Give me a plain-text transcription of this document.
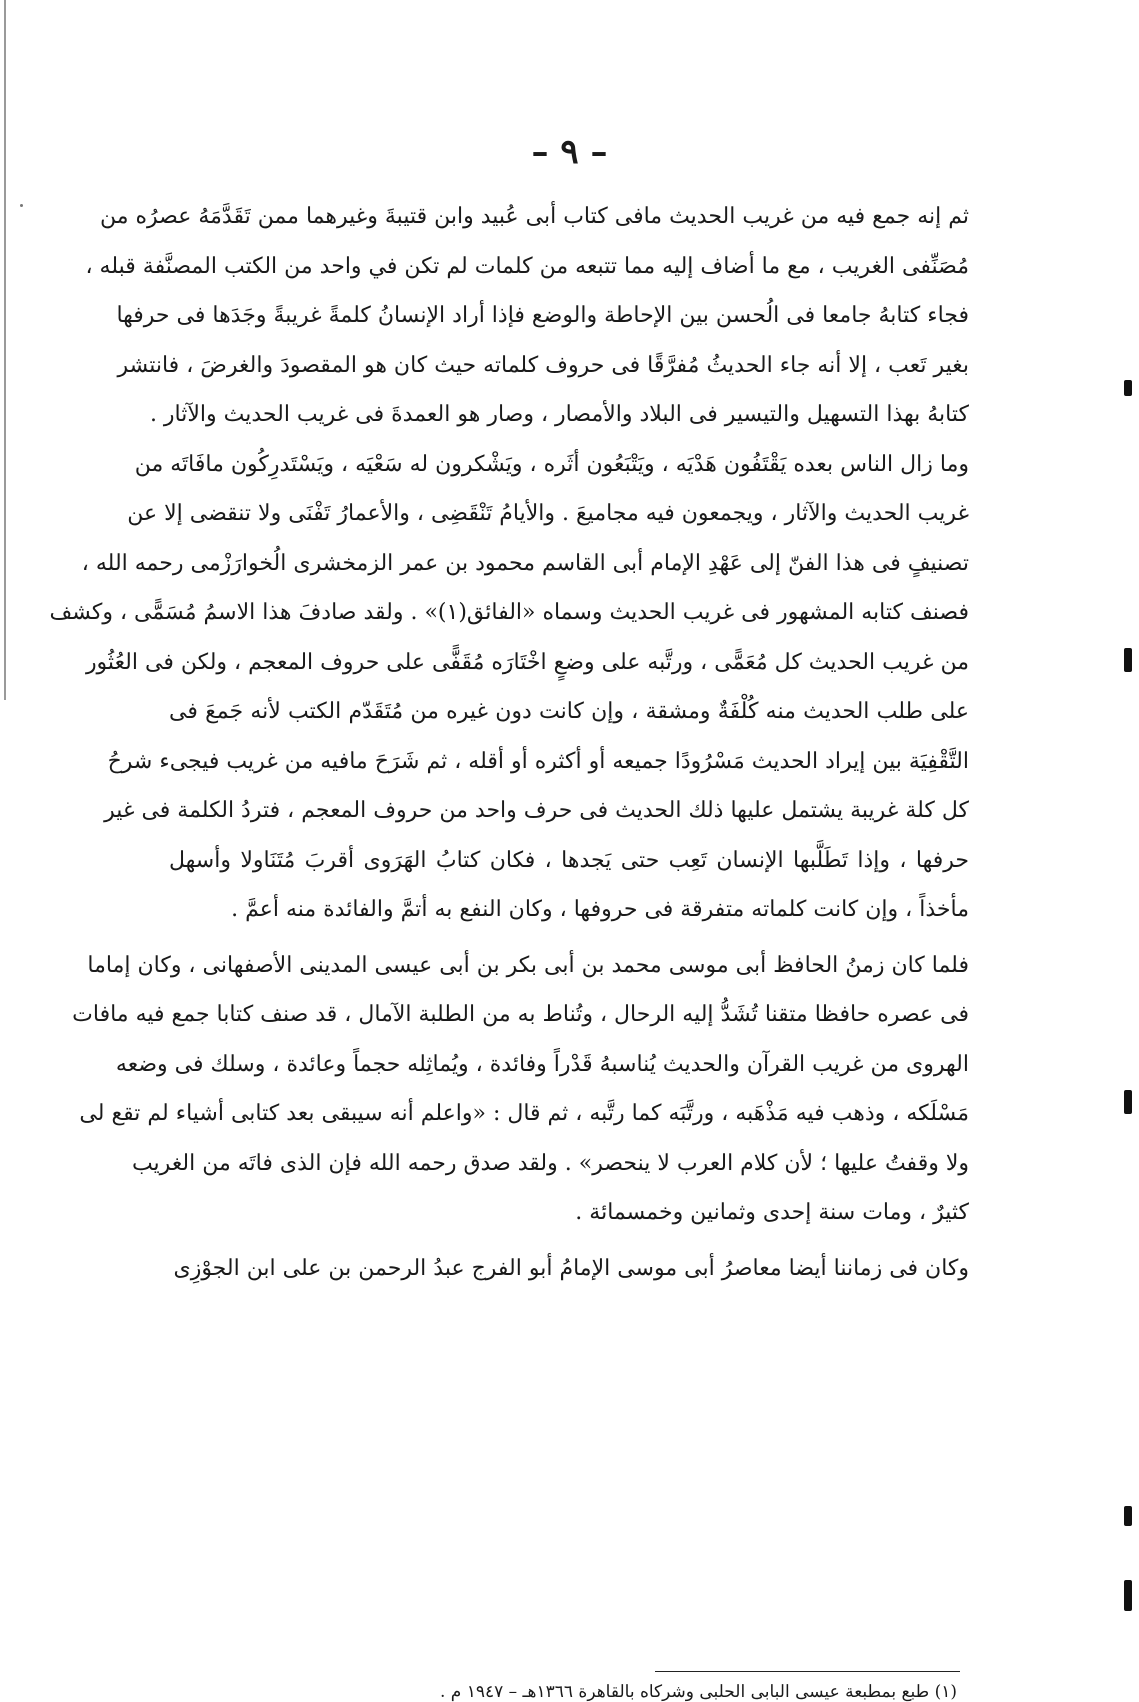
– ٩ –
ثم إنه جمع فيه من غريب الحديث مافى كتاب أبى عُبيد وابن قتيبةَ وغيرهما ممن تَقَدَّمَهُ عصرُه من
مُصَنِّفى الغريب ، مع ما أضاف إليه مما تتبعه من كلمات لم تكن في واحد من الكتب المصنَّفة قبله ،
فجاء كتابهُ جامعا فى الُحسن بين الإحاطة والوضع فإذا أراد الإنسانُ كلمةً غريبةً وجَدَها فى حرفها
بغير تَعب ، إلا أنه جاء الحديثُ مُفرَّقًا فى حروف كلماته حيث كان هو المقصودَ والغرضَ ، فانتشر
كتابهُ بهذا التسهيل والتيسير فى البلاد والأمصار ، وصار هو العمدةَ فى غريب الحديث والآثار .
وما زال الناس بعده يَقْتَفُون هَدْيَه ، ويَتْبَعُون أثَره ، ويَشْكرون له سَعْيَه ، ويَسْتَدرِكُون مافَاتَه من
غريب الحديث والآثار ، ويجمعون فيه مجاميعَ . والأيامُ تَنْقَضِى ، والأعمارُ تَفْنَى ولا تنقضى إلا عن
تصنيفٍ فى هذا الفنّ إلى عَهْدِ الإمام أبى القاسم محمود بن عمر الزمخشرى الُخوارَزْمى رحمه الله ،
فصنف كتابه المشهور فى غريب الحديث وسماه «الفائق(١)» . ولقد صادفَ هذا الاسمُ مُسَمًّى ، وكشف
من غريب الحديث كل مُعَمًّى ، ورتَّبه على وضعٍ اخْتَارَه مُقَفًّى على حروف المعجم ، ولكن فى العُثُور
على طلب الحديث منه كُلْفَةٌ ومشقة ، وإن كانت دون غيره من مُتَقَدّم الكتب لأنه جَمعَ فى
التَّقْفِيَة بين إيراد الحديث مَسْرُودًا جميعه أو أكثره أو أقله ، ثم شَرَحَ مافيه من غريب فيجىء شرحُ
كل كلة غريبة يشتمل عليها ذلك الحديث فى حرف واحد من حروف المعجم ، فتردُ الكلمة فى غير
حرفها ، وإذا تَطَلَّبها الإنسان تَعِب حتى يَجدها ، فكان كتابُ الهَرَوى أقربَ مُتَنَاولا وأسهل
مأخذاً ، وإن كانت كلماته متفرقة فى حروفها ، وكان النفع به أتمَّ والفائدة منه أعمَّ .
فلما كان زمنُ الحافظ أبى موسى محمد بن أبى بكر بن أبى عيسى المدينى الأصفهانى ، وكان إماما
فى عصره حافظا متقنا تُشَدُّ إليه الرحال ، وتُناط به من الطلبة الآمال ، قد صنف كتابا جمع فيه مافات
الهروى من غريب القرآن والحديث يُناسبهُ قَدْراً وفائدة ، ويُماثِله حجماً وعائدة ، وسلك فى وضعه
مَسْلَكه ، وذهب فيه مَذْهَبه ، ورتَّبَه كما رتَّبه ، ثم قال : «واعلم أنه سيبقى بعد كتابى أشياء لم تقع لى
ولا وقفتُ عليها ؛ لأن كلام العرب لا ينحصر» . ولقد صدق رحمه الله فإن الذى فاتَه من الغريب
كثيرٌ ، ومات سنة إحدى وثمانين وخمسمائة .
وكان فى زماننا أيضا معاصرُ أبى موسى الإمامُ أبو الفرج عبدُ الرحمن بن على ابن الجوْزِى
(١) طبع بمطبعة عيسى البابى الحلبى وشركاه بالقاهرة ١٣٦٦هـ – ١٩٤٧ م .
